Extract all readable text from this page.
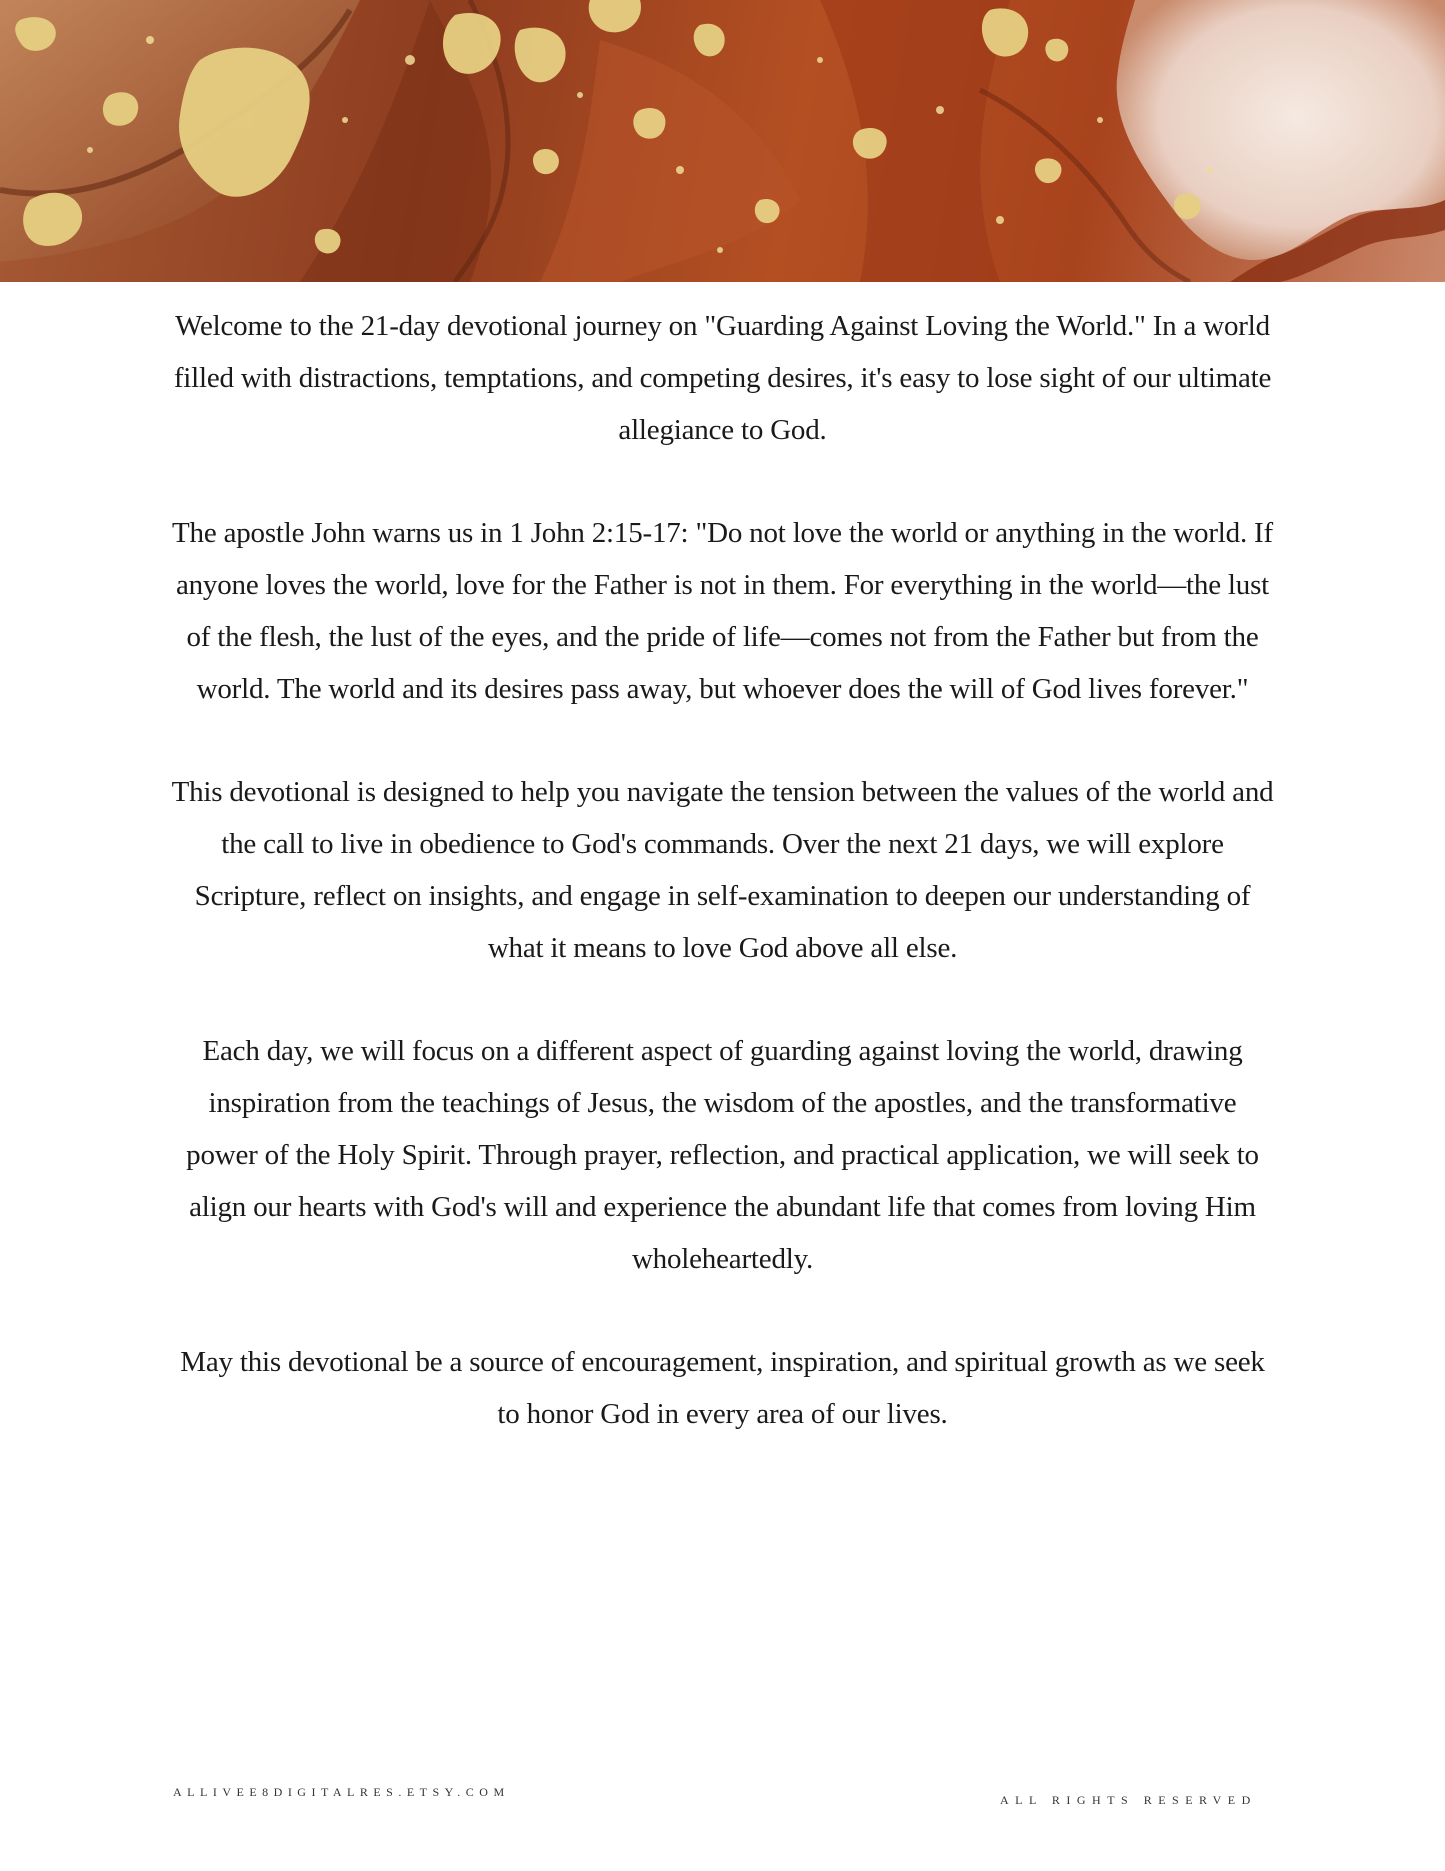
Welcome to the 21-day devotional journey on "Guarding Against Loving the World." In a world filled with distractions, temptations, and competing desires, it's easy to lose sight of our ultimate allegiance to God.

The apostle John warns us in 1 John 2:15-17: "Do not love the world or anything in the world. If anyone loves the world, love for the Father is not in them. For everything in the world—the lust of the flesh, the lust of the eyes, and the pride of life—comes not from the Father but from the world. The world and its desires pass away, but whoever does the will of God lives forever."

This devotional is designed to help you navigate the tension between the values of the world and the call to live in obedience to God's commands. Over the next 21 days, we will explore Scripture, reflect on insights, and engage in self-examination to deepen our understanding of what it means to love God above all else.

Each day, we will focus on a different aspect of guarding against loving the world, drawing inspiration from the teachings of Jesus, the wisdom of the apostles, and the transformative power of the Holy Spirit. Through prayer, reflection, and practical application, we will seek to align our hearts with God's will and experience the abundant life that comes from loving Him wholeheartedly.

May this devotional be a source of encouragement, inspiration, and spiritual growth as we seek to honor God in every area of our lives.

ALLIVEE8DIGITALRES.ETSY.COM
ALL RIGHTS RESERVED
